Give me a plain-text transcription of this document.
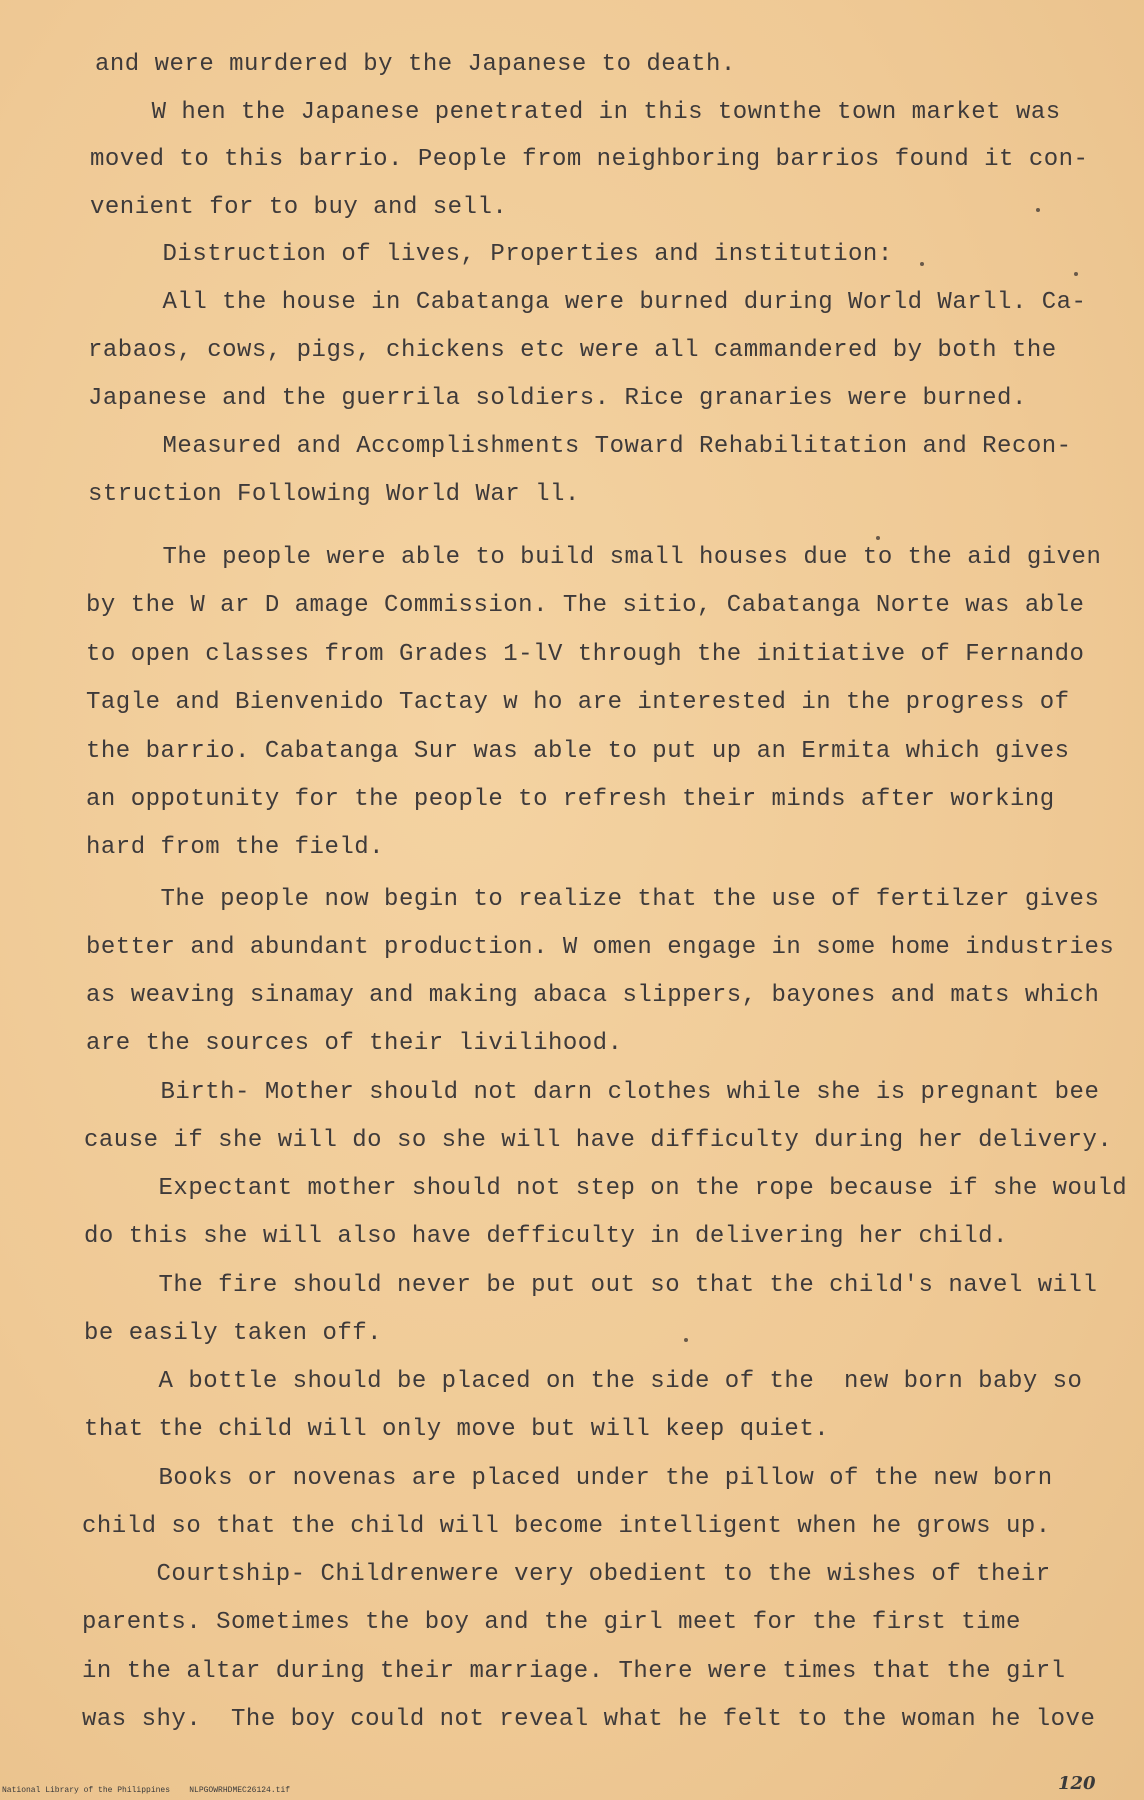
and were murdered by the Japanese to death.
W hen the Japanese penetrated in this townthe town market was
moved to this barrio. People from neighboring barrios found it con-
venient for to buy and sell.
Distruction of lives, Properties and institution:
All the house in Cabatanga were burned during World Warll. Ca-
rabaos, cows, pigs, chickens etc were all cammandered by both the
Japanese and the guerrila soldiers. Rice granaries were burned.
Measured and Accomplishments Toward Rehabilitation and Recon-
struction Following World War ll.
The people were able to build small houses due to the aid given
by the W ar D amage Commission. The sitio, Cabatanga Norte was able
to open classes from Grades 1-lV through the initiative of Fernando
Tagle and Bienvenido Tactay w ho are interested in the progress of
the barrio. Cabatanga Sur was able to put up an Ermita which gives
an oppotunity for the people to refresh their minds after working
hard from the field.
The people now begin to realize that the use of fertilzer gives
better and abundant production. W omen engage in some home industries
as weaving sinamay and making abaca slippers, bayones and mats which
are the sources of their livilihood.
Birth- Mother should not darn clothes while she is pregnant bee
cause if she will do so she will have difficulty during her delivery.
Expectant mother should not step on the rope because if she would
do this she will also have defficulty in delivering her child.
The fire should never be put out so that the child's navel will
be easily taken off.
A bottle should be placed on the side of the  new born baby so
that the child will only move but will keep quiet.
Books or novenas are placed under the pillow of the new born
child so that the child will become intelligent when he grows up.
Courtship- Childrenwere very obedient to the wishes of their
parents. Sometimes the boy and the girl meet for the first time
in the altar during their marriage. There were times that the girl
was shy.  The boy could not reveal what he felt to the woman he love
National Library of the Philippines    NLPGOWRHDMEC26124.tif	120
